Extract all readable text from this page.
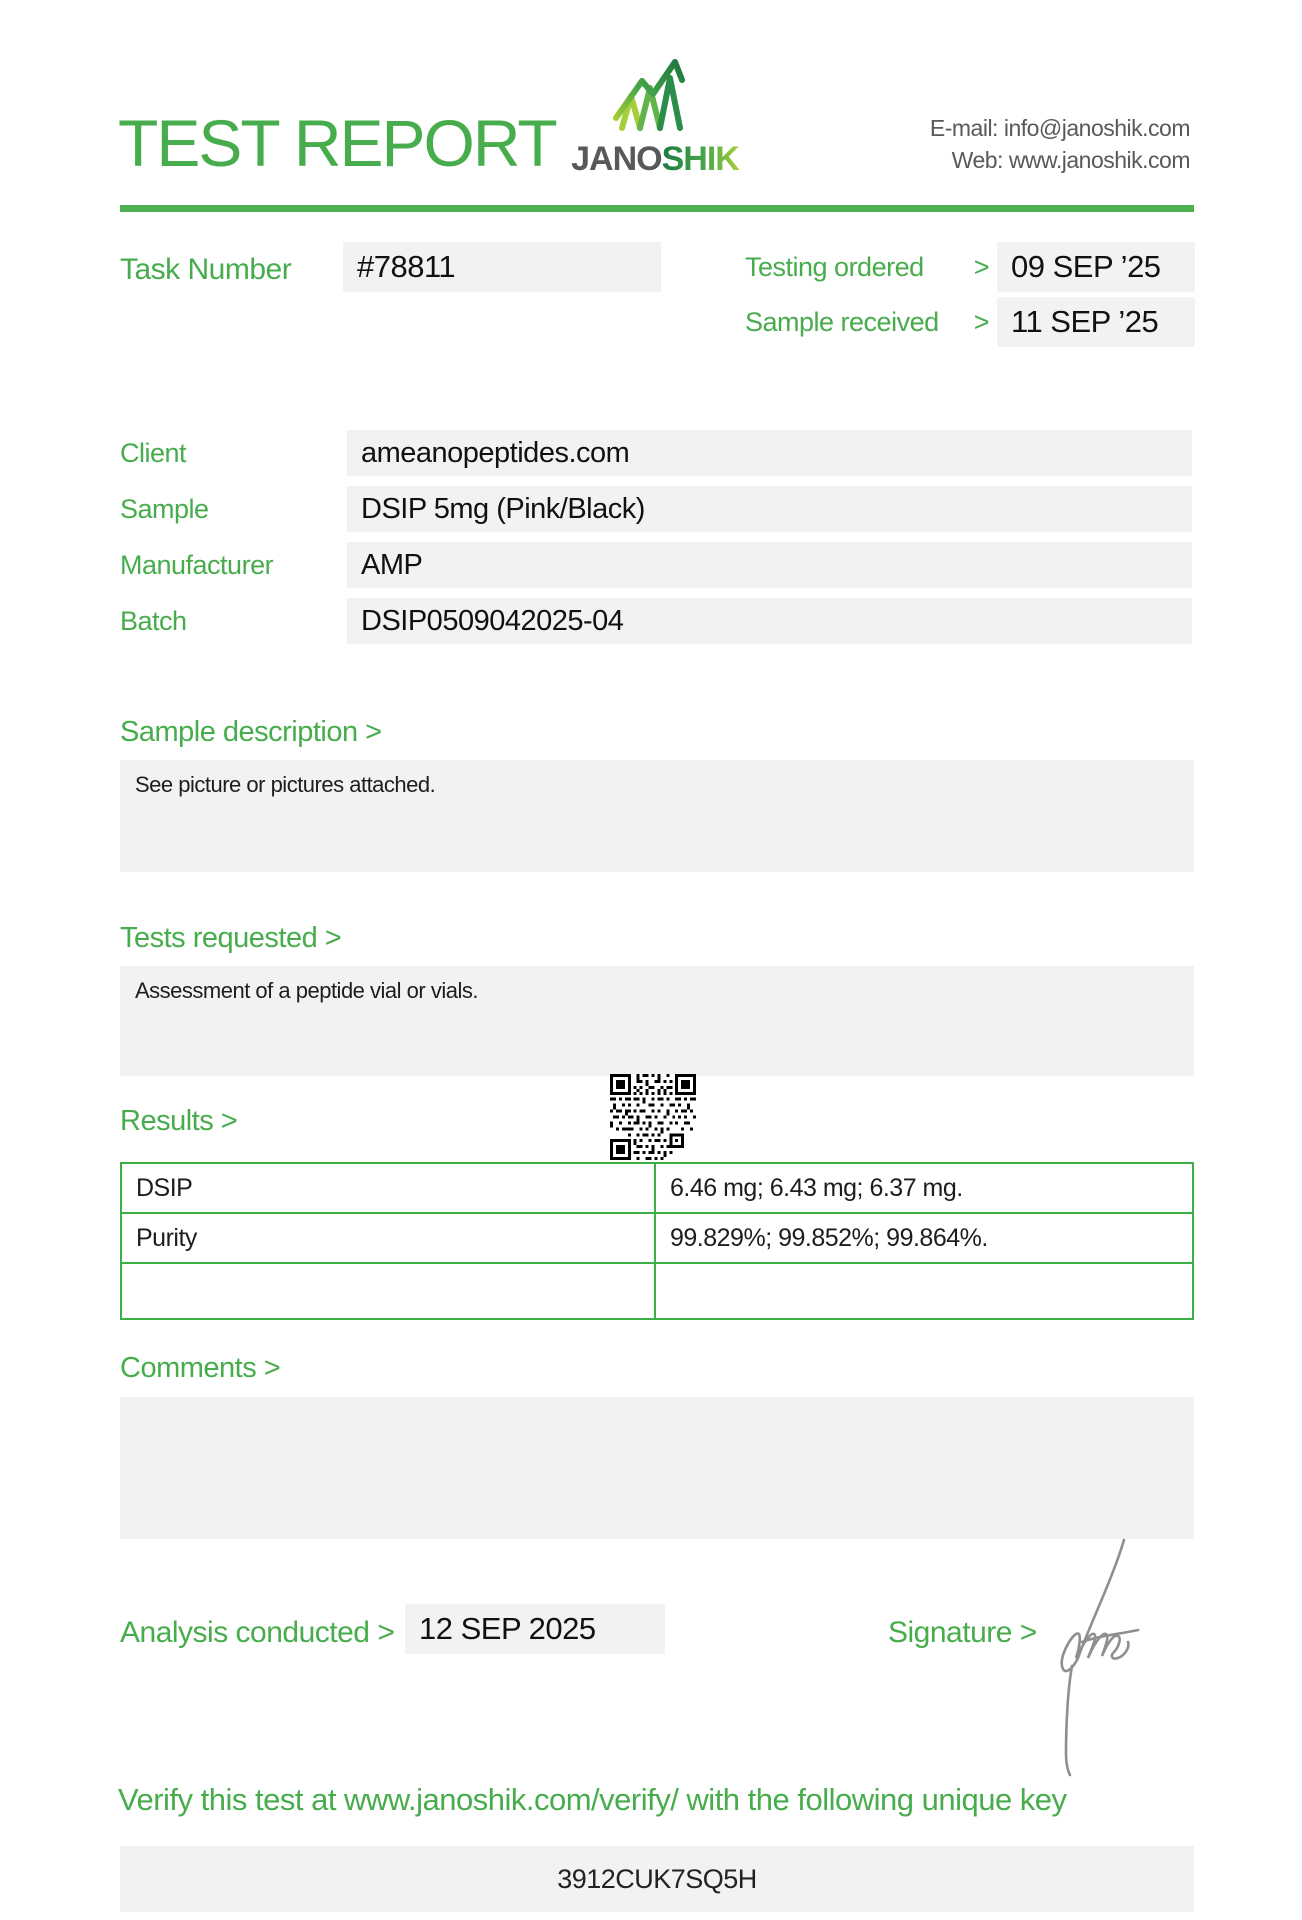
TEST REPORT JANOSHIK
E-mail: info@janoshik.com
Web: www.janoshik.com
Task Number	#78811	Testing ordered > 09 SEP ’25
Sample received > 11 SEP ’25
Client	ameanopeptides.com
Sample	DSIP 5mg (Pink/Black)
Manufacturer	AMP
Batch	DSIP0509042025-04
Sample description >
See picture or pictures attached.
Tests requested >
Assessment of a peptide vial or vials.
Results >
DSIP	6.46 mg; 6.43 mg; 6.37 mg.
Purity	99.829%; 99.852%; 99.864%.
Comments >
Analysis conducted > 12 SEP 2025	Signature >
Verify this test at www.janoshik.com/verify/ with the following unique key
3912CUK7SQ5H
